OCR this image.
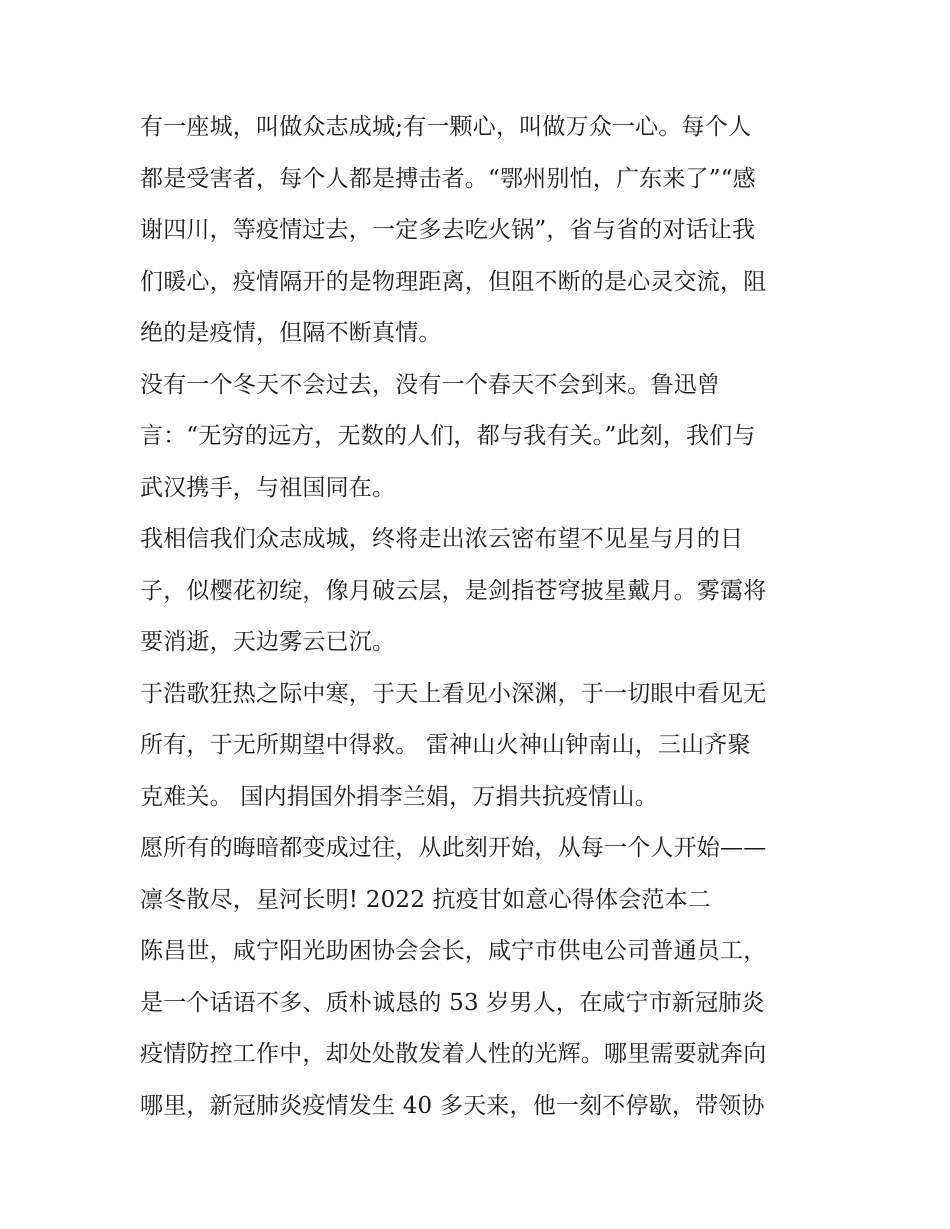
有一座城，叫做众志成城;有一颗心，叫做万众一心。每个人
都是受害者，每个人都是搏击者。“鄂州别怕，广东来了”“感
谢四川，等疫情过去，一定多去吃火锅”，省与省的对话让我
们暖心，疫情隔开的是物理距离，但阻不断的是心灵交流，阻
绝的是疫情，但隔不断真情。
没有一个冬天不会过去，没有一个春天不会到来。鲁迅曾
言：“无穷的远方，无数的人们，都与我有关。”此刻，我们与
武汉携手，与祖国同在。
我相信我们众志成城，终将走出浓云密布望不见星与月的日
子，似樱花初绽，像月破云层，是剑指苍穹披星戴月。雾霭将
要消逝，天边雾云已沉。
于浩歌狂热之际中寒，于天上看见小深渊，于一切眼中看见无
所有，于无所期望中得救。 雷神山火神山钟南山，三山齐聚
克难关。 国内捐国外捐李兰娟，万捐共抗疫情山。
愿所有的晦暗都变成过往，从此刻开始，从每一个人开始——
凛冬散尽，星河长明! 2022 抗疫甘如意心得体会范本二
陈昌世，咸宁阳光助困协会会长，咸宁市供电公司普通员工，
是一个话语不多、质朴诚恳的 53 岁男人，在咸宁市新冠肺炎
疫情防控工作中，却处处散发着人性的光辉。哪里需要就奔向
哪里，新冠肺炎疫情发生 40 多天来，他一刻不停歇，带领协
